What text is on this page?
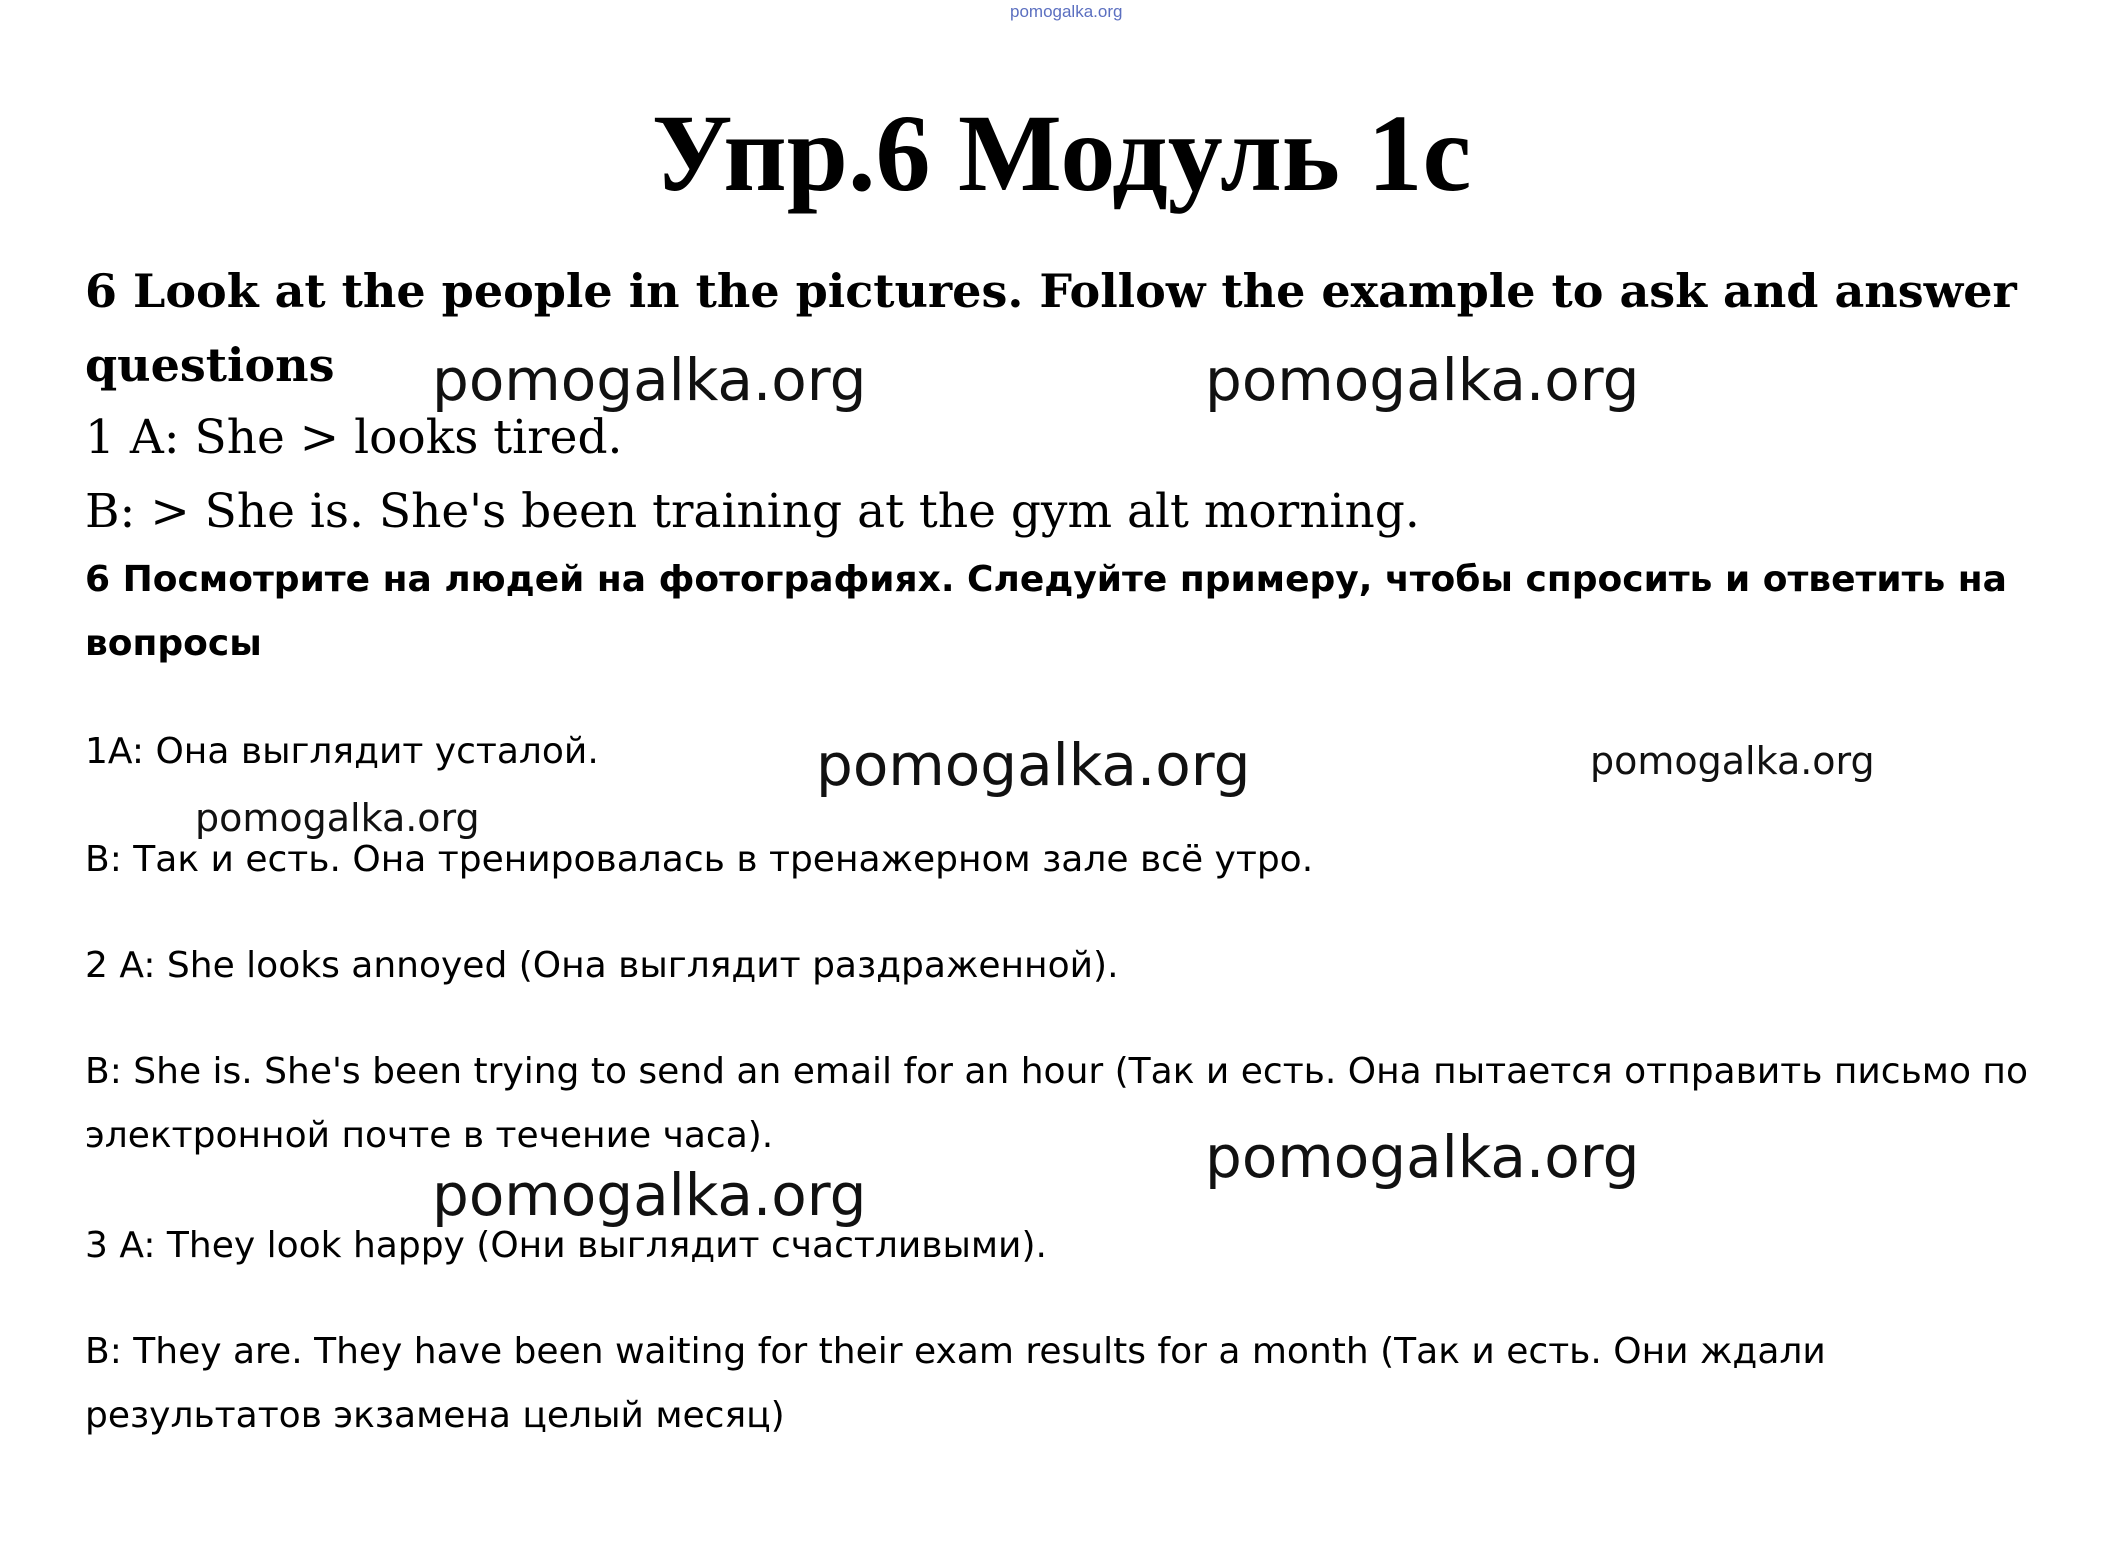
pomogalka.org
Упр.6 Модуль 1с

6 Look at the people in the pictures. Follow the example to ask and answer questions

1 A: She > looks tired.

B: > She is. She's been training at the gym alt morning.

6 Посмотрите на людей на фотографиях. Следуйте примеру, чтобы спросить и ответить на вопросы

1A: Она выглядит усталой.

B: Так и есть. Она тренировалась в тренажерном зале всё утро.

2 A: She looks annoyed (Она выглядит раздраженной).

B: She is. She's been trying to send an email for an hour (Так и есть. Она пытается отправить письмо по электронной почте в течение часа).

3 A: They look happy (Они выглядит счастливыми).

B: They are. They have been waiting for their exam results for a month (Так и есть. Они ждали результатов экзамена целый месяц)

pomogalka.org	pomogalka.org
pomogalka.org	pomogalka.org
pomogalka.org
pomogalka.org
pomogalka.org
